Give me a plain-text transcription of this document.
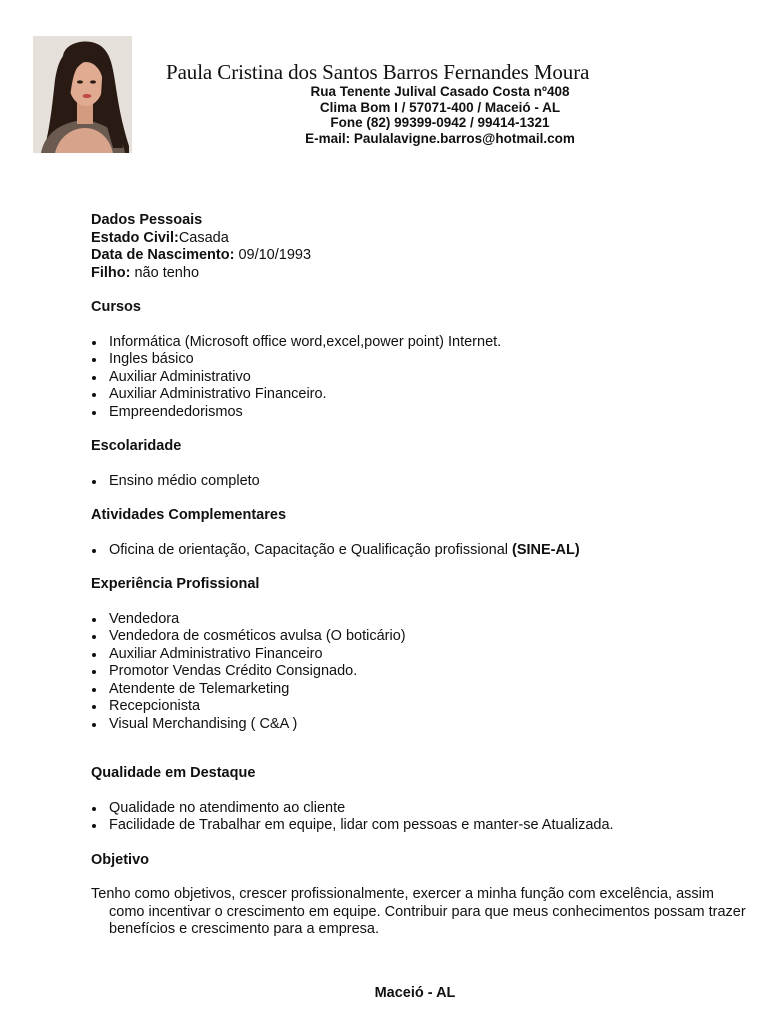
Paula Cristina dos Santos Barros Fernandes Moura
Rua Tenente Julival Casado Costa nº408
Clima Bom I / 57071-400 / Maceió - AL
Fone (82) 99399-0942 / 99414-1321
E-mail: Paulalavigne.barros@hotmail.com
Dados Pessoais
Estado Civil:Casada
Data de Nascimento: 09/10/1993
Filho: não tenho
Cursos
Informática (Microsoft office word,excel,power point) Internet.
Ingles básico
Auxiliar Administrativo
Auxiliar Administrativo Financeiro.
Empreendedorismos
Escolaridade
Ensino médio completo
Atividades Complementares
Oficina de orientação, Capacitação e Qualificação profissional (SINE-AL)
Experiência Profissional
Vendedora
Vendedora de cosméticos avulsa (O boticário)
Auxiliar Administrativo Financeiro
Promotor Vendas Crédito Consignado.
Atendente de Telemarketing
Recepcionista
Visual Merchandising ( C&A )
Qualidade em Destaque
Qualidade no atendimento ao cliente
Facilidade de Trabalhar em equipe, lidar com pessoas e manter-se Atualizada.
Objetivo
Tenho como objetivos, crescer profissionalmente, exercer a minha função com excelência, assim como incentivar o crescimento em equipe. Contribuir para que meus conhecimentos possam trazer benefícios e crescimento para a empresa.
Maceió - AL
